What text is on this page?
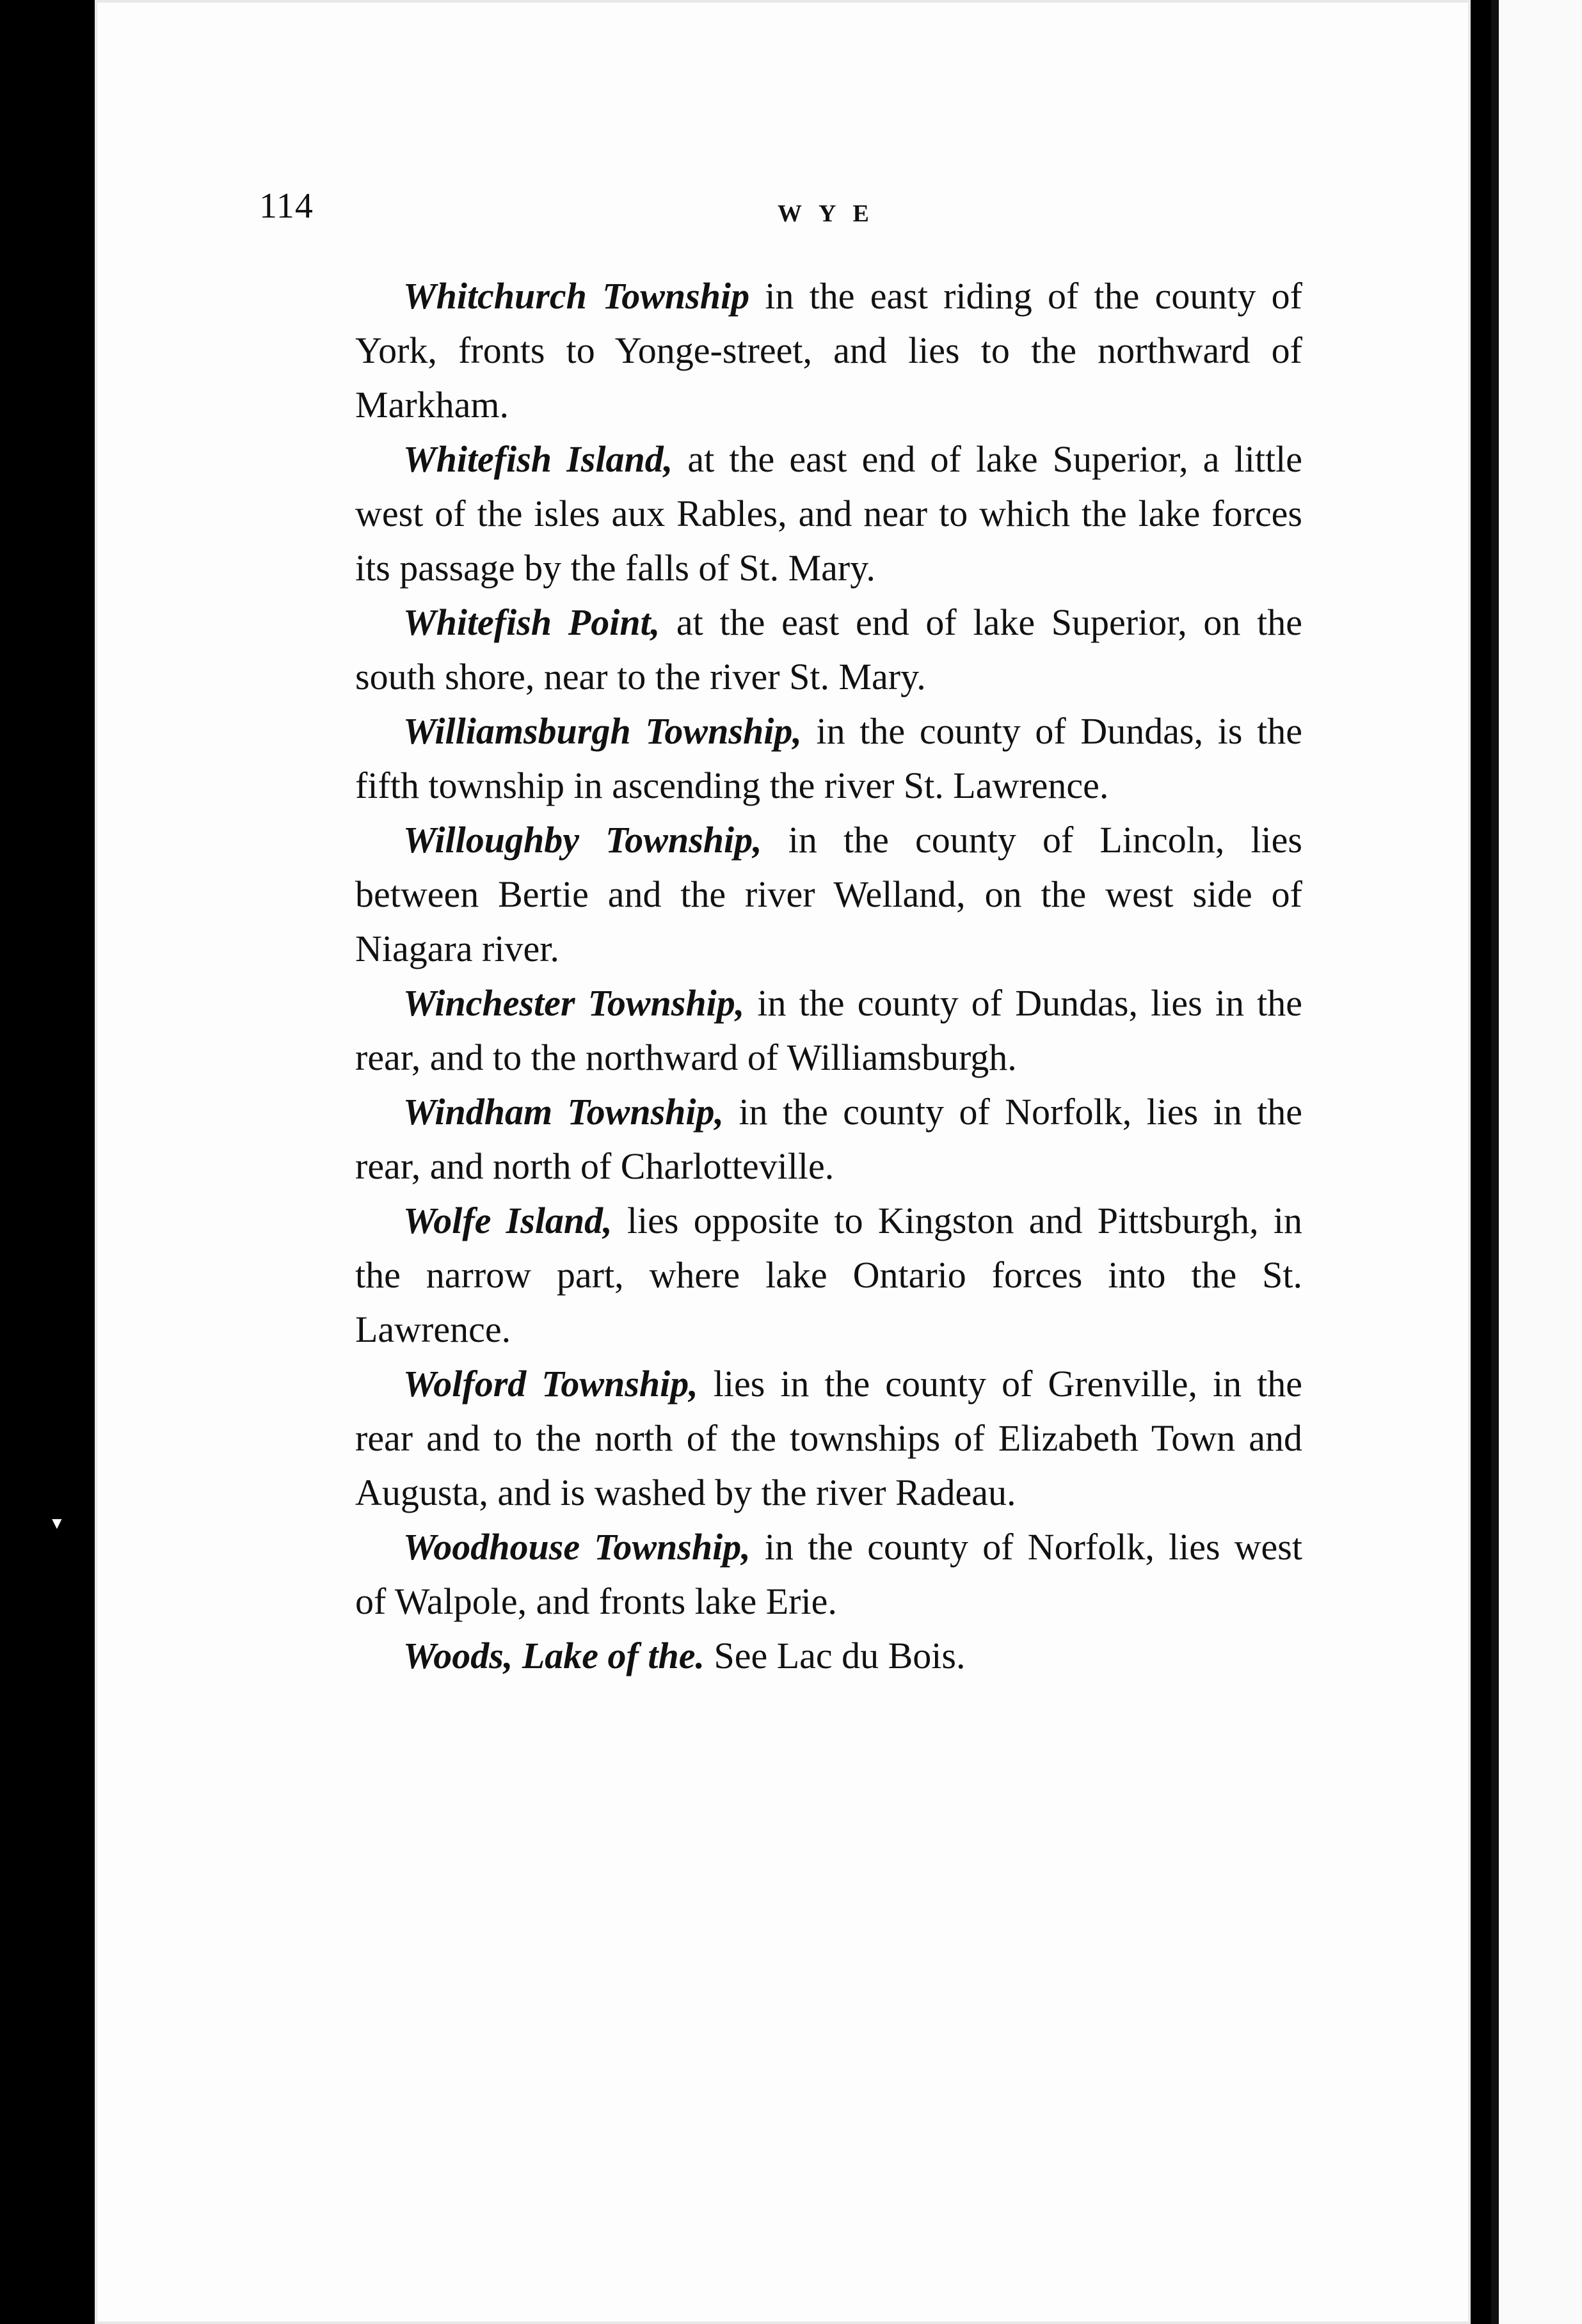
114	WYE

Whitchurch Township in the east riding of the county of York, fronts to Yonge-street, and lies to the northward of Markham.

Whitefish Island, at the east end of lake Superior, a little west of the isles aux Rables, and near to which the lake forces its passage by the falls of St. Mary.

Whitefish Point, at the east end of lake Superior, on the south shore, near to the river St. Mary.

Williamsburgh Township, in the county of Dundas, is the fifth township in ascending the river St. Lawrence.

Willoughby Township, in the county of Lincoln, lies between Bertie and the river Welland, on the west side of Niagara river.

Winchester Township, in the county of Dundas, lies in the rear, and to the northward of Williamsburgh.

Windham Township, in the county of Norfolk, lies in the rear, and north of Charlotteville.

Wolfe Island, lies opposite to Kingston and Pittsburgh, in the narrow part, where lake Ontario forces into the St. Lawrence.

Wolford Township, lies in the county of Grenville, in the rear and to the north of the townships of Elizabeth Town and Augusta, and is washed by the river Radeau.

Woodhouse Township, in the county of Norfolk, lies west of Walpole, and fronts lake Erie.

Woods, Lake of the. See Lac du Bois.

▼
